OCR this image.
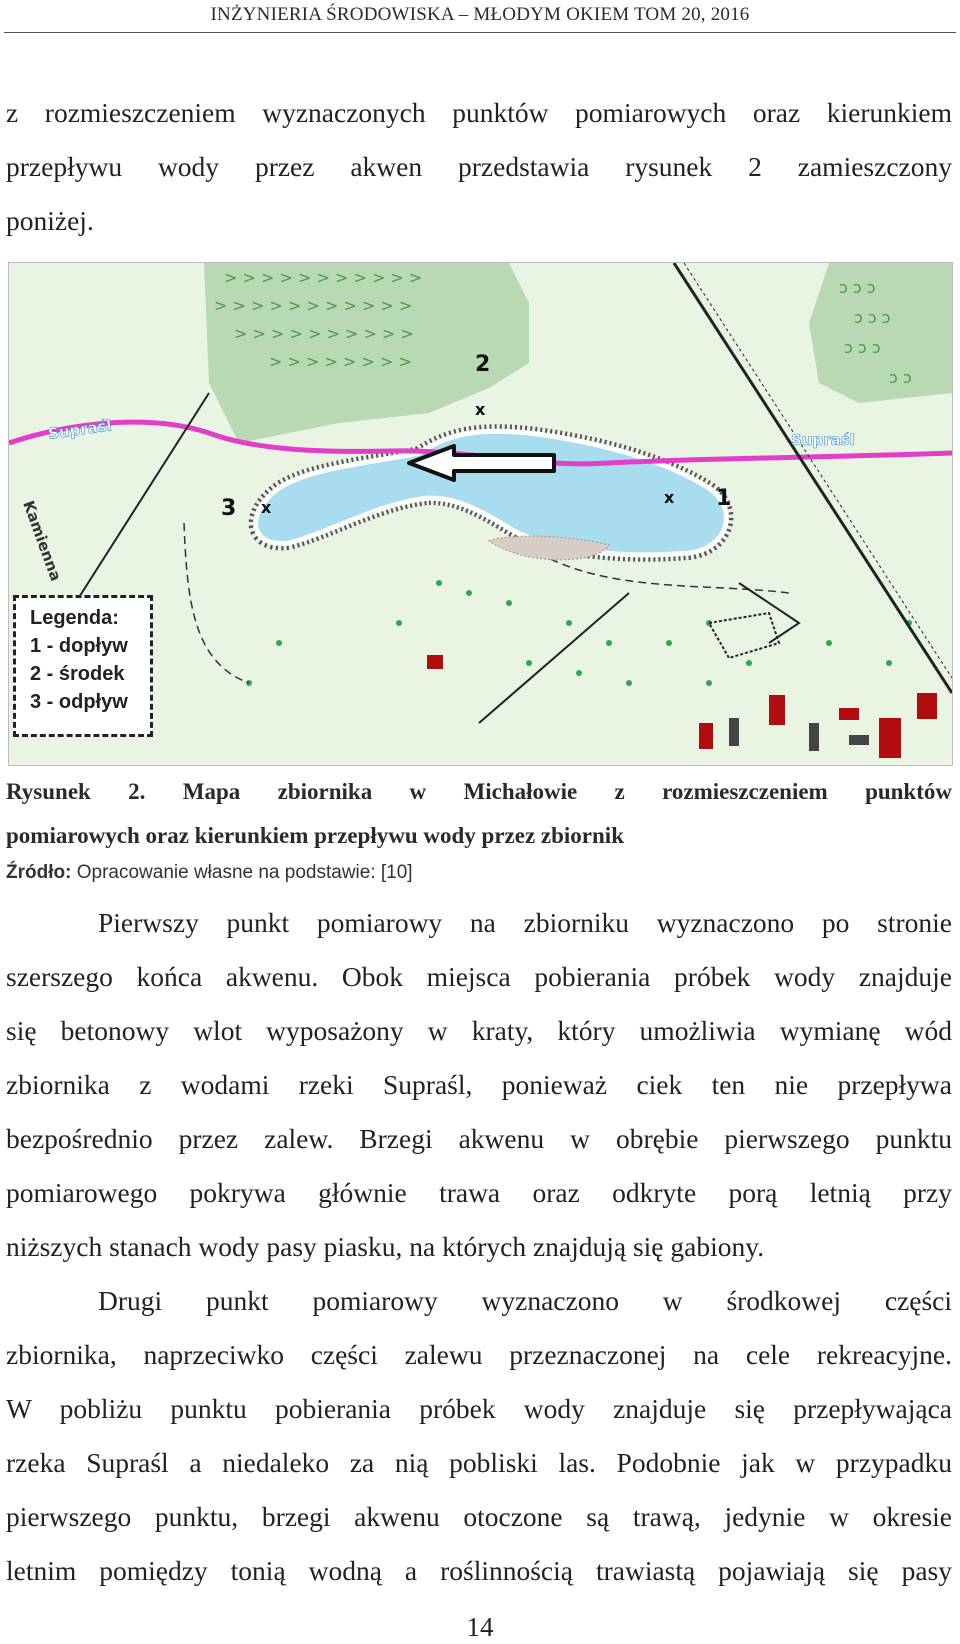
INŻYNIERIA ŚRODOWISKA – MŁODYM OKIEM TOM 20, 2016
z rozmieszczeniem wyznaczonych punktów pomiarowych oraz kierunkiem
przepływu wody przez akwen przedstawia rysunek 2 zamieszczony
poniżej.
> > > > > > > > > > >
> > > > > > > > > > >
> > > > > > > > > >
> > > > > > > >
ɔ ɔ ɔ
ɔ ɔ ɔ
ɔ ɔ ɔ
ɔ ɔ
Supraśl	Supraśl
Kamienna
2
x
1
x
3 x
Legenda:
1 - dopływ
2 - środek
3 - odpływ
Rysunek 2. Mapa zbiornika w Michałowie z rozmieszczeniem punktów
pomiarowych oraz kierunkiem przepływu wody przez zbiornik
Źródło: Opracowanie własne na podstawie: [10]
Pierwszy punkt pomiarowy na zbiorniku wyznaczono po stronie
szerszego końca akwenu. Obok miejsca pobierania próbek wody znajduje
się betonowy wlot wyposażony w kraty, który umożliwia wymianę wód
zbiornika z wodami rzeki Supraśl, ponieważ ciek ten nie przepływa
bezpośrednio przez zalew. Brzegi akwenu w obrębie pierwszego punktu
pomiarowego pokrywa głównie trawa oraz odkryte porą letnią przy
niższych stanach wody pasy piasku, na których znajdują się gabiony.
Drugi punkt pomiarowy wyznaczono w środkowej części
zbiornika, naprzeciwko części zalewu przeznaczonej na cele rekreacyjne.
W pobliżu punktu pobierania próbek wody znajduje się przepływająca
rzeka Supraśl a niedaleko za nią pobliski las. Podobnie jak w przypadku
pierwszego punktu, brzegi akwenu otoczone są trawą, jedynie w okresie
letnim pomiędzy tonią wodną a roślinnością trawiastą pojawiają się pasy
14
